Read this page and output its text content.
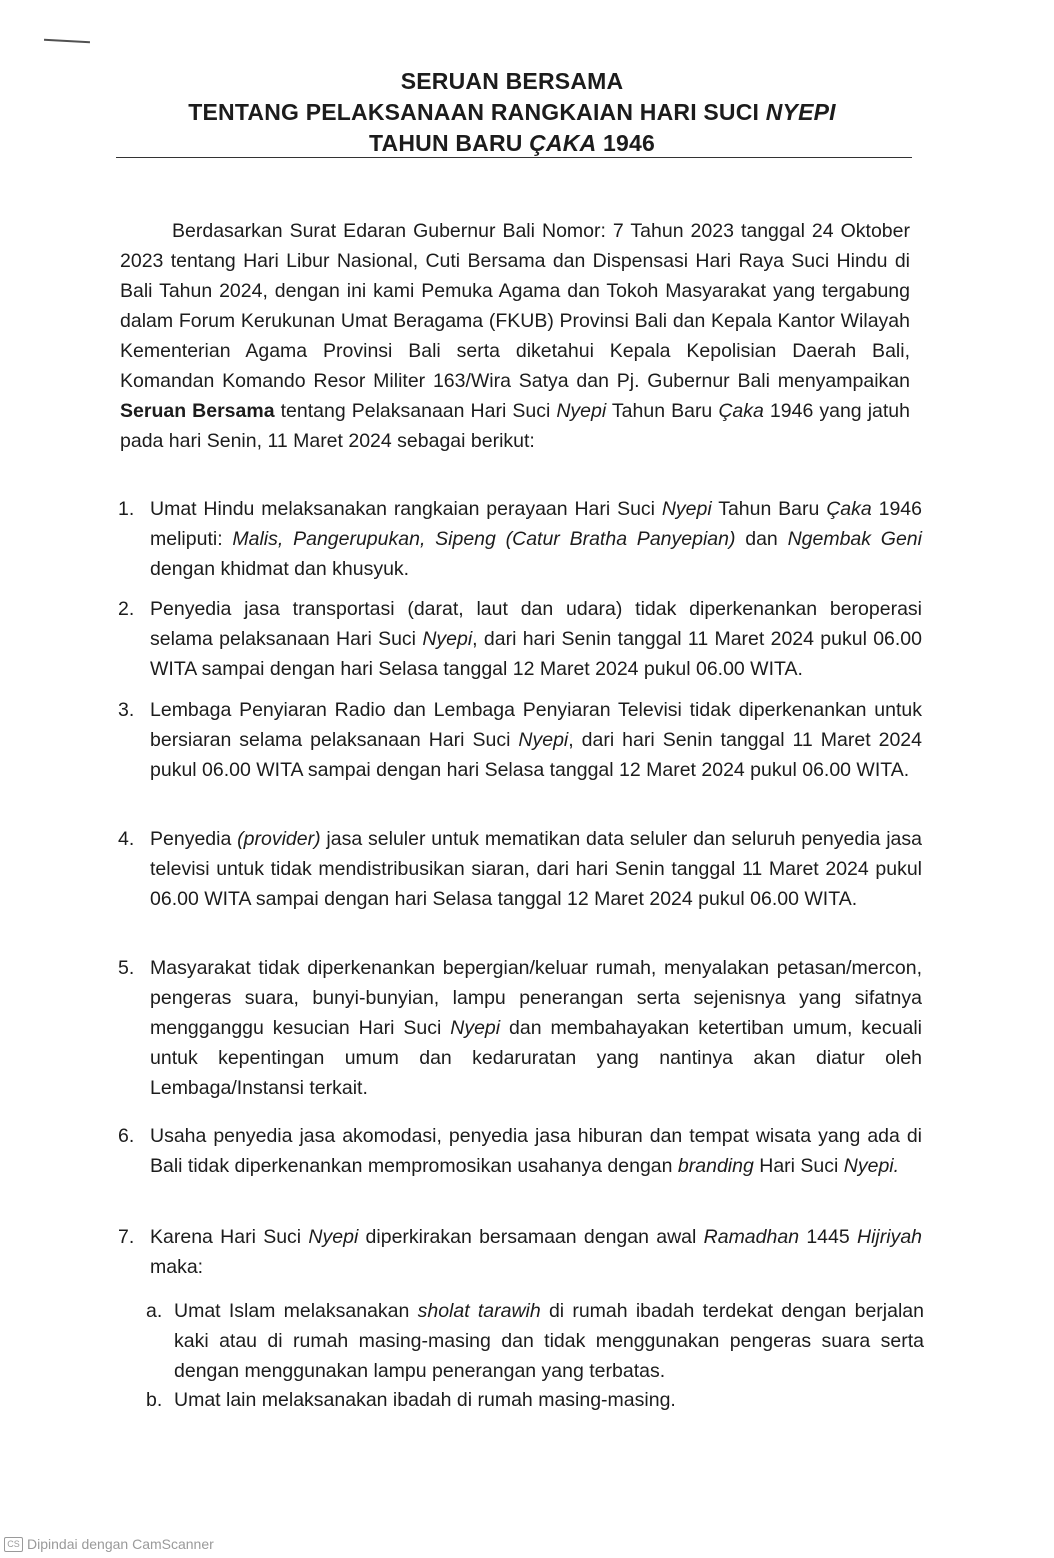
SERUAN BERSAMA
TENTANG PELAKSANAAN RANGKAIAN HARI SUCI NYEPI
TAHUN BARU ÇAKA 1946
Berdasarkan Surat Edaran Gubernur Bali Nomor: 7 Tahun 2023 tanggal 24 Oktober 2023 tentang Hari Libur Nasional, Cuti Bersama dan Dispensasi Hari Raya Suci Hindu di Bali Tahun 2024, dengan ini kami Pemuka Agama dan Tokoh Masyarakat yang tergabung dalam Forum Kerukunan Umat Beragama (FKUB) Provinsi Bali dan Kepala Kantor Wilayah Kementerian Agama Provinsi Bali serta diketahui Kepala Kepolisian Daerah Bali, Komandan Komando Resor Militer 163/Wira Satya dan Pj. Gubernur Bali menyampaikan Seruan Bersama tentang Pelaksanaan Hari Suci Nyepi Tahun Baru Çaka 1946 yang jatuh pada hari Senin, 11 Maret 2024 sebagai berikut:
1. Umat Hindu melaksanakan rangkaian perayaan Hari Suci Nyepi Tahun Baru Çaka 1946 meliputi: Malis, Pangerupukan, Sipeng (Catur Bratha Panyepian) dan Ngembak Geni dengan khidmat dan khusyuk.
2. Penyedia jasa transportasi (darat, laut dan udara) tidak diperkenankan beroperasi selama pelaksanaan Hari Suci Nyepi, dari hari Senin tanggal 11 Maret 2024 pukul 06.00 WITA sampai dengan hari Selasa tanggal 12 Maret 2024 pukul 06.00 WITA.
3. Lembaga Penyiaran Radio dan Lembaga Penyiaran Televisi tidak diperkenankan untuk bersiaran selama pelaksanaan Hari Suci Nyepi, dari hari Senin tanggal 11 Maret 2024 pukul 06.00 WITA sampai dengan hari Selasa tanggal 12 Maret 2024 pukul 06.00 WITA.
4. Penyedia (provider) jasa seluler untuk mematikan data seluler dan seluruh penyedia jasa televisi untuk tidak mendistribusikan siaran, dari hari Senin tanggal 11 Maret 2024 pukul 06.00 WITA sampai dengan hari Selasa tanggal 12 Maret 2024 pukul 06.00 WITA.
5. Masyarakat tidak diperkenankan bepergian/keluar rumah, menyalakan petasan/mercon, pengeras suara, bunyi-bunyian, lampu penerangan serta sejenisnya yang sifatnya mengganggu kesucian Hari Suci Nyepi dan membahayakan ketertiban umum, kecuali untuk kepentingan umum dan kedaruratan yang nantinya akan diatur oleh Lembaga/Instansi terkait.
6. Usaha penyedia jasa akomodasi, penyedia jasa hiburan dan tempat wisata yang ada di Bali tidak diperkenankan mempromosikan usahanya dengan branding Hari Suci Nyepi.
7. Karena Hari Suci Nyepi diperkirakan bersamaan dengan awal Ramadhan 1445 Hijriyah maka:
a. Umat Islam melaksanakan sholat tarawih di rumah ibadah terdekat dengan berjalan kaki atau di rumah masing-masing dan tidak menggunakan pengeras suara serta dengan menggunakan lampu penerangan yang terbatas.
b. Umat lain melaksanakan ibadah di rumah masing-masing.
CS Dipindai dengan CamScanner
